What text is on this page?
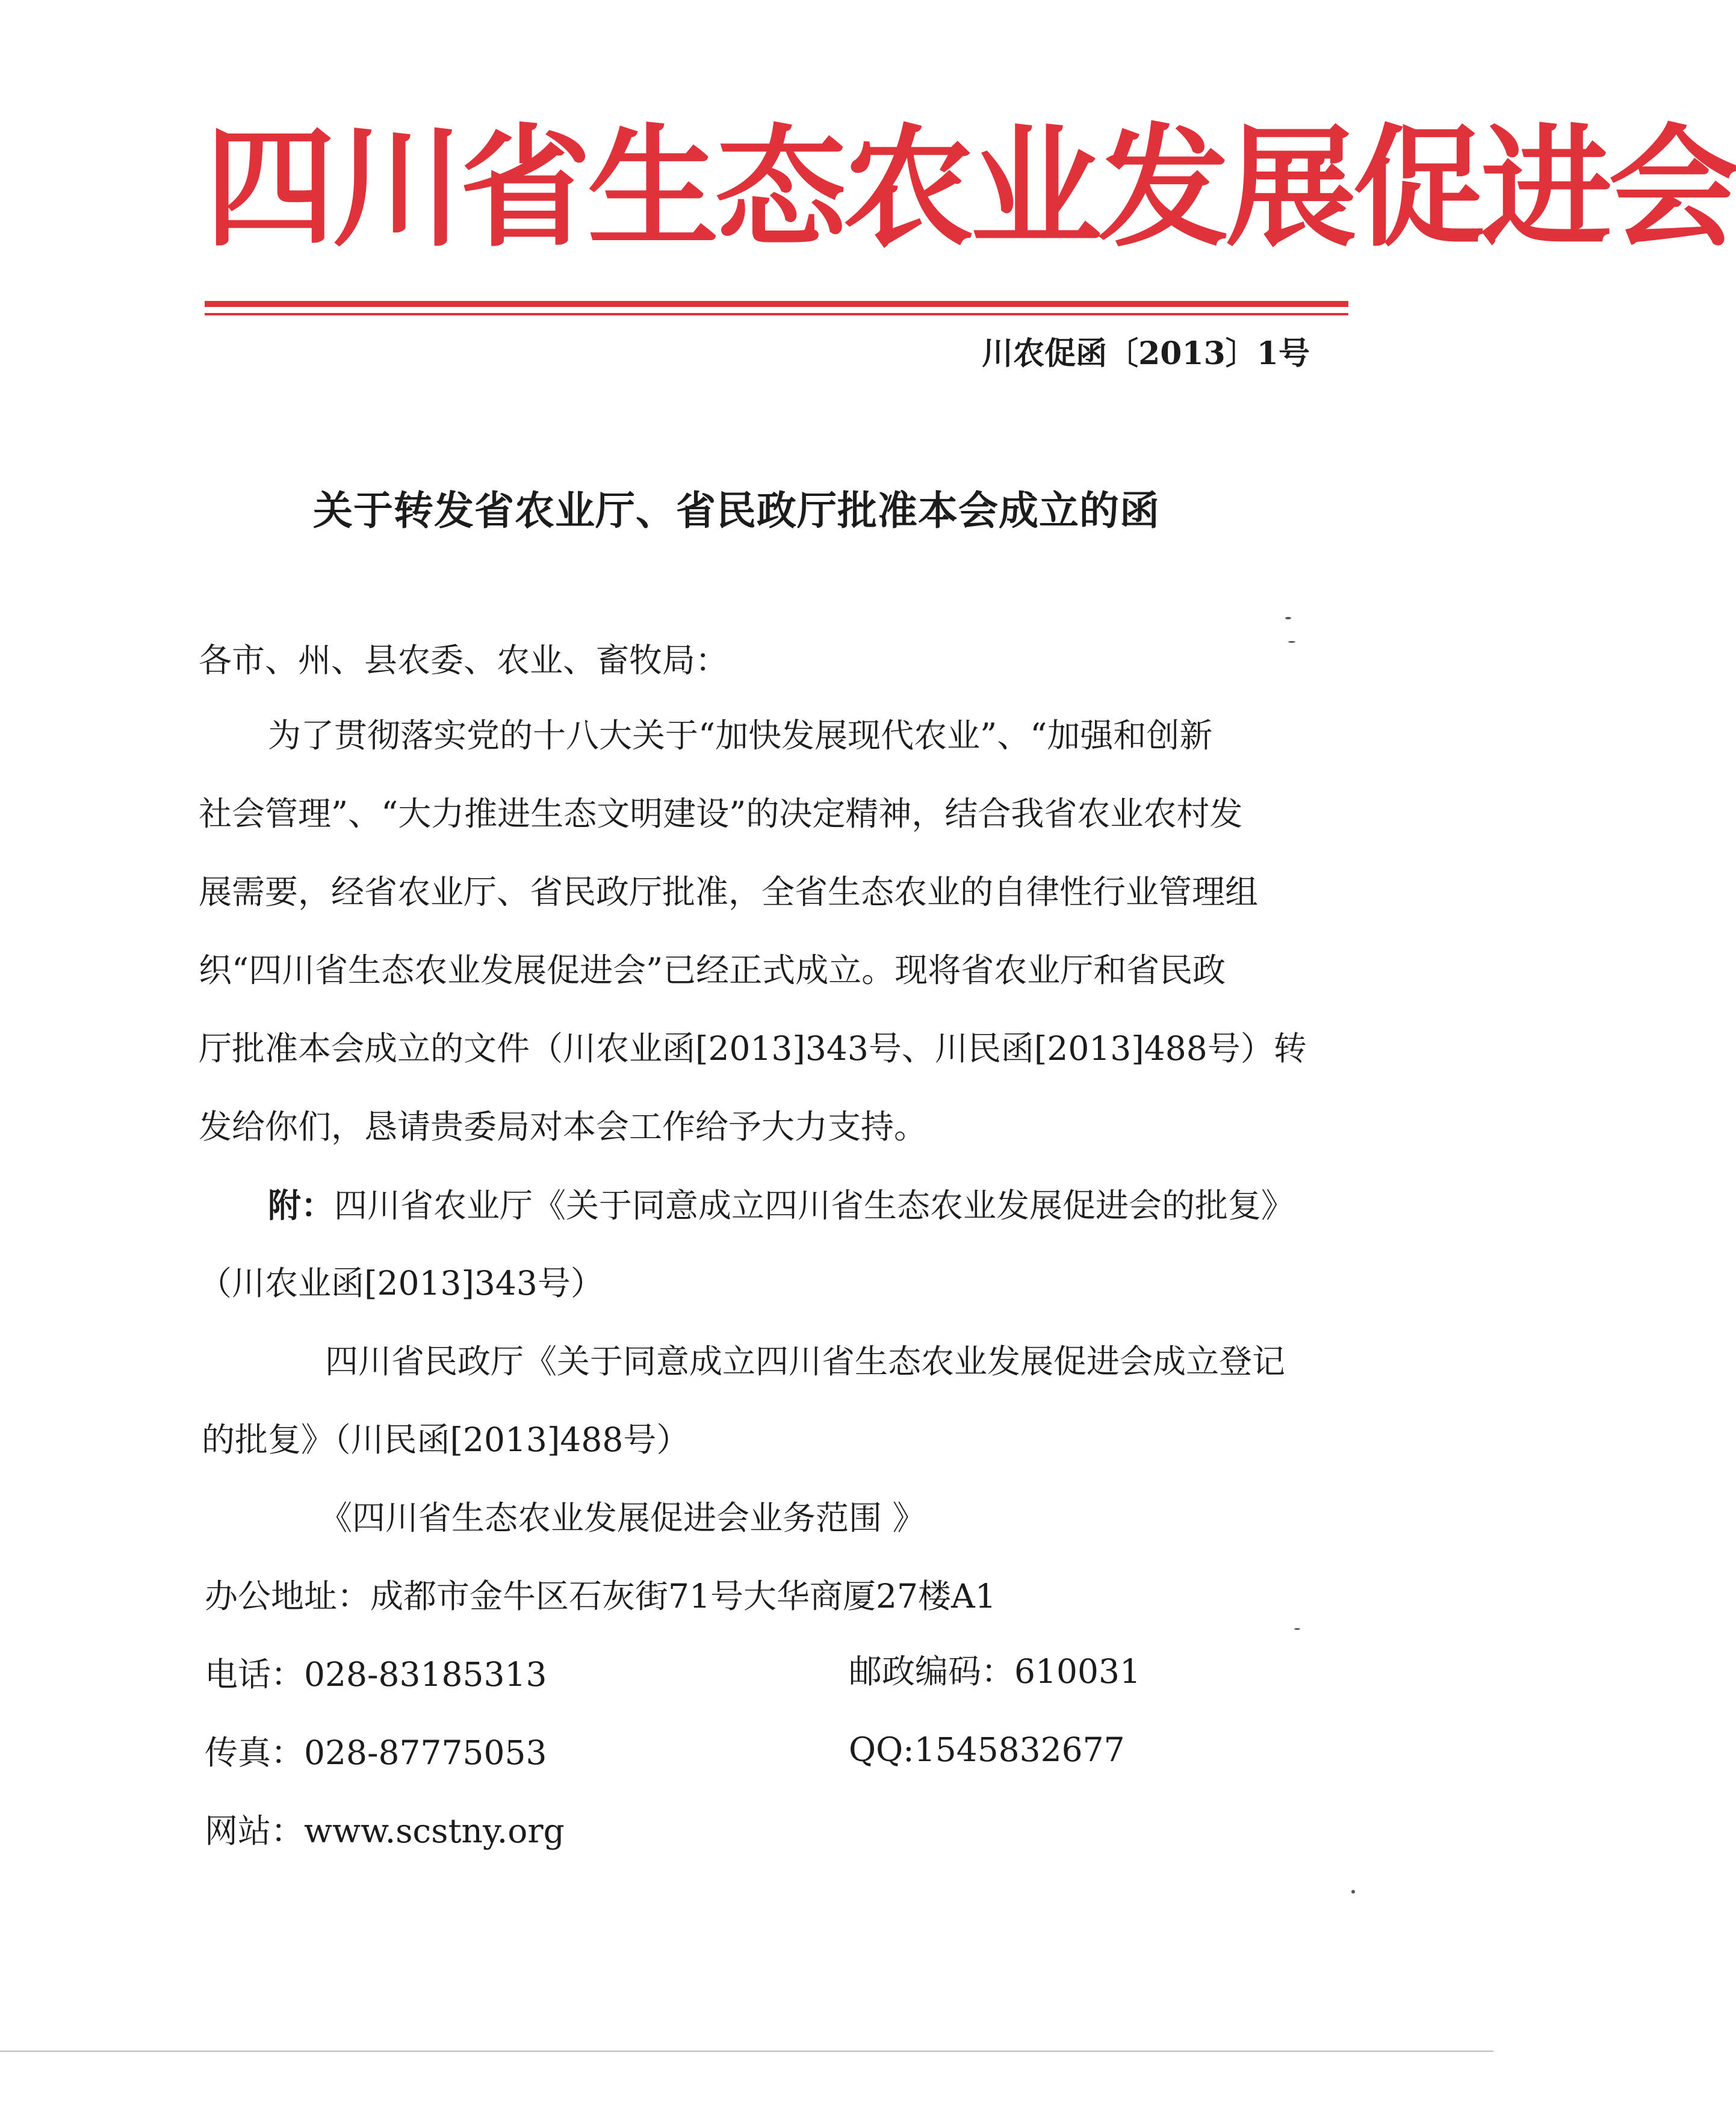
四川省生态农业发展促进会
川农促函〔2013〕1号
关于转发省农业厅、省民政厅批准本会成立的函
各市、州、县农委、农业、畜牧局：
为了贯彻落实党的十八大关于“加快发展现代农业”、“加强和创新
社会管理”、“大力推进生态文明建设”的决定精神，结合我省农业农村发
展需要，经省农业厅、省民政厅批准，全省生态农业的自律性行业管理组
织“四川省生态农业发展促进会”已经正式成立。现将省农业厅和省民政
厅批准本会成立的文件（川农业函[2013]343号、川民函[2013]488号）转
发给你们，恳请贵委局对本会工作给予大力支持。
附：四川省农业厅《关于同意成立四川省生态农业发展促进会的批复》
（川农业函[2013]343号）
四川省民政厅《关于同意成立四川省生态农业发展促进会成立登记
的批复》（川民函[2013]488号）
《四川省生态农业发展促进会业务范围 》
办公地址：成都市金牛区石灰街71号大华商厦27楼A1
电话：028-83185313	邮政编码：610031
传真：028-87775053	QQ:1545832677
网站：www.scstny.org
